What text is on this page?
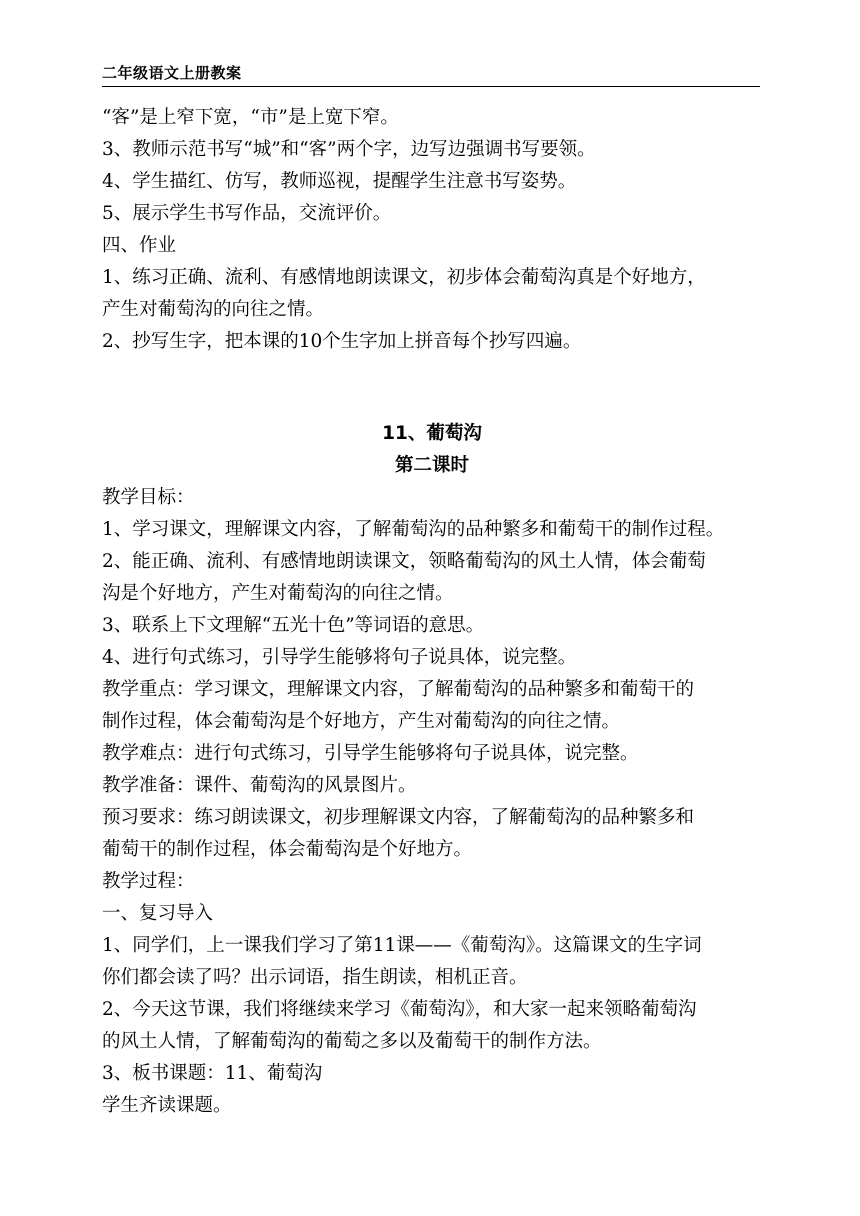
二年级语文上册教案
“客”是上窄下宽，“市”是上宽下窄。
3、教师示范书写“城”和“客”两个字，边写边强调书写要领。
4、学生描红、仿写，教师巡视，提醒学生注意书写姿势。
5、展示学生书写作品，交流评价。
四、作业
1、练习正确、流利、有感情地朗读课文，初步体会葡萄沟真是个好地方，
产生对葡萄沟的向往之情。
2、抄写生字，把本课的10个生字加上拼音每个抄写四遍。
11、葡萄沟
第二课时
教学目标：
1、学习课文，理解课文内容，了解葡萄沟的品种繁多和葡萄干的制作过程。
2、能正确、流利、有感情地朗读课文，领略葡萄沟的风土人情，体会葡萄
沟是个好地方，产生对葡萄沟的向往之情。
3、联系上下文理解“五光十色”等词语的意思。
4、进行句式练习，引导学生能够将句子说具体，说完整。
教学重点：学习课文，理解课文内容，了解葡萄沟的品种繁多和葡萄干的
制作过程，体会葡萄沟是个好地方，产生对葡萄沟的向往之情。
教学难点：进行句式练习，引导学生能够将句子说具体，说完整。
教学准备：课件、葡萄沟的风景图片。
预习要求：练习朗读课文，初步理解课文内容，了解葡萄沟的品种繁多和
葡萄干的制作过程，体会葡萄沟是个好地方。
教学过程：
一、复习导入
1、同学们，上一课我们学习了第11课——《葡萄沟》。这篇课文的生字词
你们都会读了吗？出示词语，指生朗读，相机正音。
2、今天这节课，我们将继续来学习《葡萄沟》，和大家一起来领略葡萄沟
的风土人情，了解葡萄沟的葡萄之多以及葡萄干的制作方法。
3、板书课题：11、葡萄沟
学生齐读课题。
